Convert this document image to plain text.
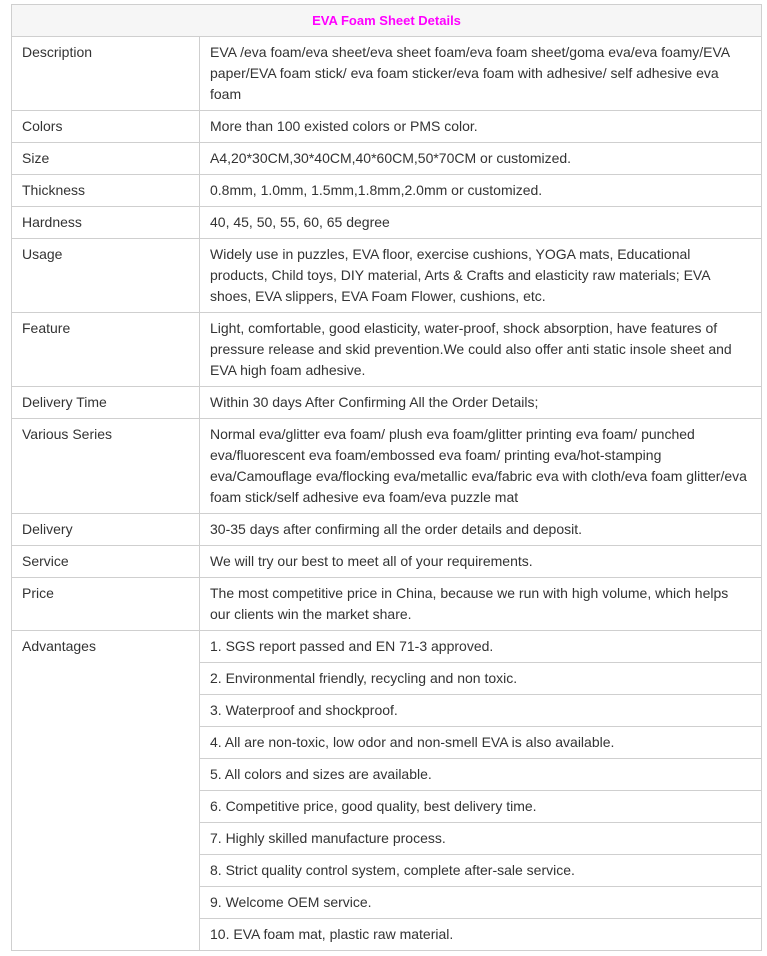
EVA Foam Sheet Details	
Description	EVA /eva foam/eva sheet/eva sheet foam/eva foam sheet/goma eva/eva foamy/EVA paper/EVA foam stick/ eva foam sticker/eva foam with adhesive/ self adhesive eva foam
Colors	More than 100 existed colors or PMS color.
Size	A4,20*30CM,30*40CM,40*60CM,50*70CM or customized.
Thickness	0.8mm, 1.0mm, 1.5mm,1.8mm,2.0mm or customized.
Hardness	40, 45, 50, 55, 60, 65 degree
Usage	Widely use in puzzles, EVA floor, exercise cushions, YOGA mats, Educational products, Child toys, DIY material, Arts & Crafts and elasticity raw materials; EVA shoes, EVA slippers, EVA Foam Flower, cushions, etc.
Feature	Light, comfortable, good elasticity, water-proof, shock absorption, have features of pressure release and skid prevention.We could also offer anti static insole sheet and EVA high foam adhesive.
Delivery Time	Within 30 days After Confirming All the Order Details;
Various Series	Normal eva/glitter eva foam/ plush eva foam/glitter printing eva foam/ punched eva/fluorescent eva foam/embossed eva foam/ printing eva/hot-stamping eva/Camouflage eva/flocking eva/metallic eva/fabric eva with cloth/eva foam glitter/eva foam stick/self adhesive eva foam/eva puzzle mat
Delivery	30-35 days after confirming all the order details and deposit.
Service	We will try our best to meet all of your requirements.
Price	The most competitive price in China, because we run with high volume, which helps our clients win the market share.
Advantages	1. SGS report passed and EN 71-3 approved.
	2. Environmental friendly, recycling and non toxic.
	3. Waterproof and shockproof.
	4. All are non-toxic, low odor and non-smell EVA is also available.
	5. All colors and sizes are available.
	6. Competitive price, good quality, best delivery time.
	7. Highly skilled manufacture process.
	8. Strict quality control system, complete after-sale service.
	9. Welcome OEM service.
	10. EVA foam mat, plastic raw material.
